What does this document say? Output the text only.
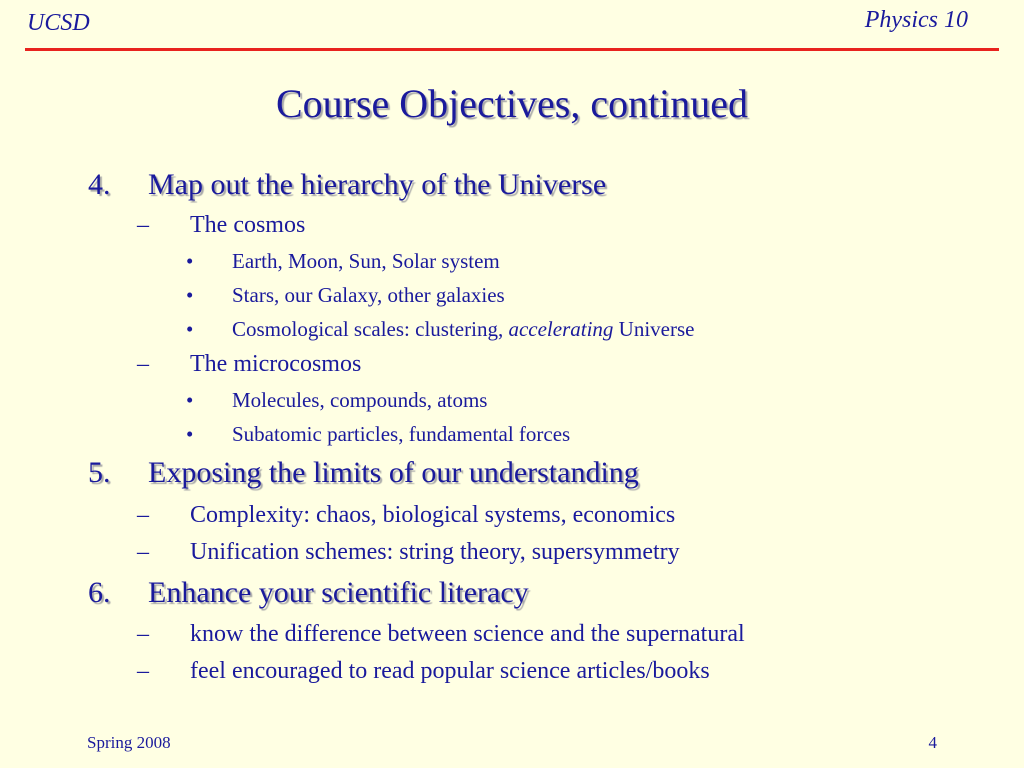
UCSD	Physics 10
Course Objectives, continued
4. Map out the hierarchy of the Universe
– The cosmos
• Earth, Moon, Sun, Solar system
• Stars, our Galaxy, other galaxies
• Cosmological scales: clustering, accelerating Universe
– The microcosmos
• Molecules, compounds, atoms
• Subatomic particles, fundamental forces
5. Exposing the limits of our understanding
– Complexity: chaos, biological systems, economics
– Unification schemes: string theory, supersymmetry
6. Enhance your scientific literacy
– know the difference between science and the supernatural
– feel encouraged to read popular science articles/books
Spring 2008	4
